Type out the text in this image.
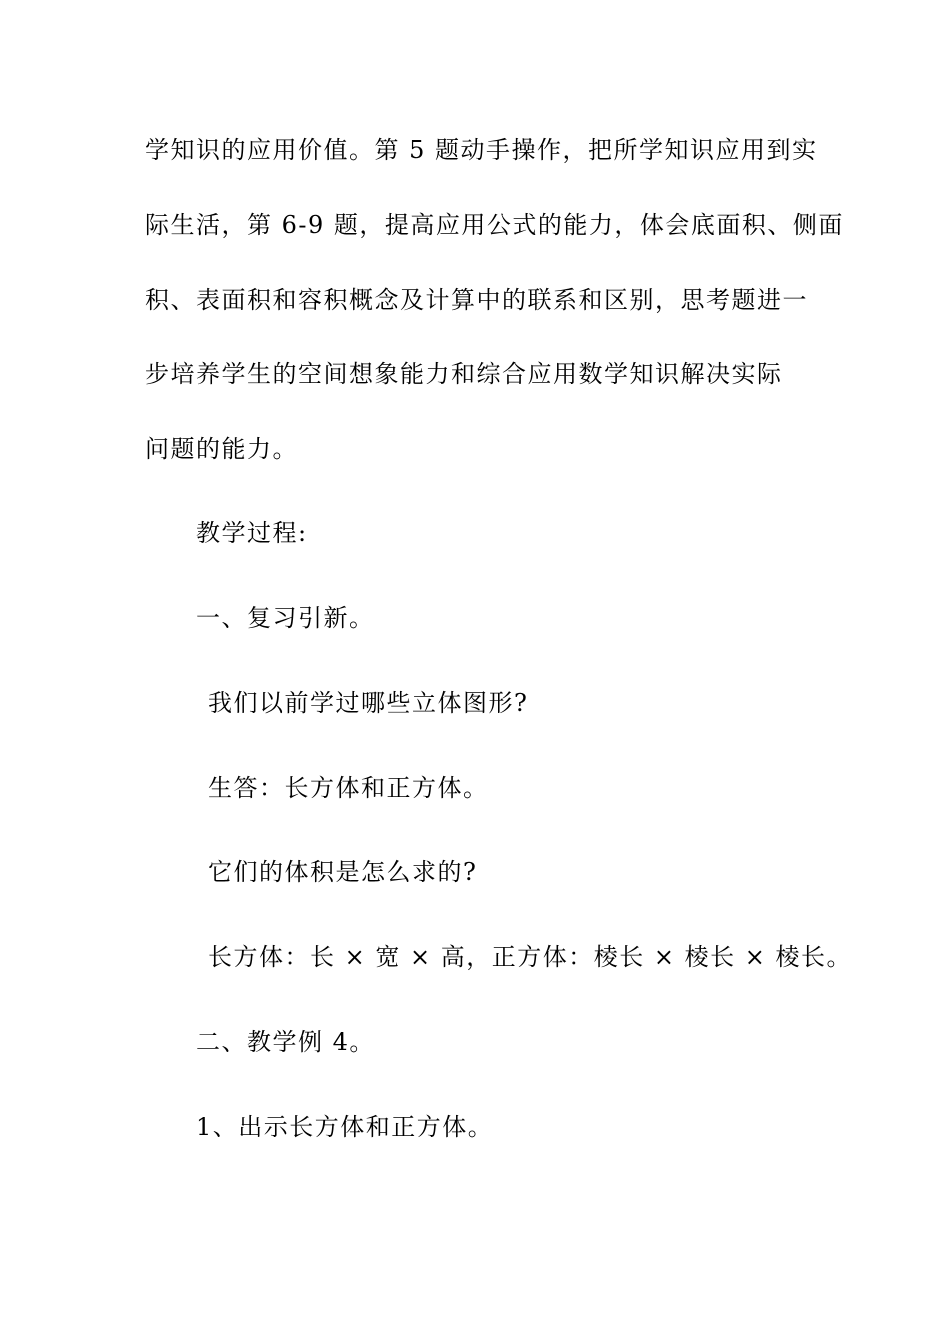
学知识的应用价值。第 5 题动手操作，把所学知识应用到实
际生活，第 6-9 题，提高应用公式的能力，体会底面积、侧面
积、表面积和容积概念及计算中的联系和区别，思考题进一
步培养学生的空间想象能力和综合应用数学知识解决实际
问题的能力。
教学过程:
一、复习引新。
我们以前学过哪些立体图形?
生答：长方体和正方体。
它们的体积是怎么求的?
长方体：长 × 宽 × 高，正方体：棱长 × 棱长 × 棱长。
二、教学例 4。
1、出示长方体和正方体。
